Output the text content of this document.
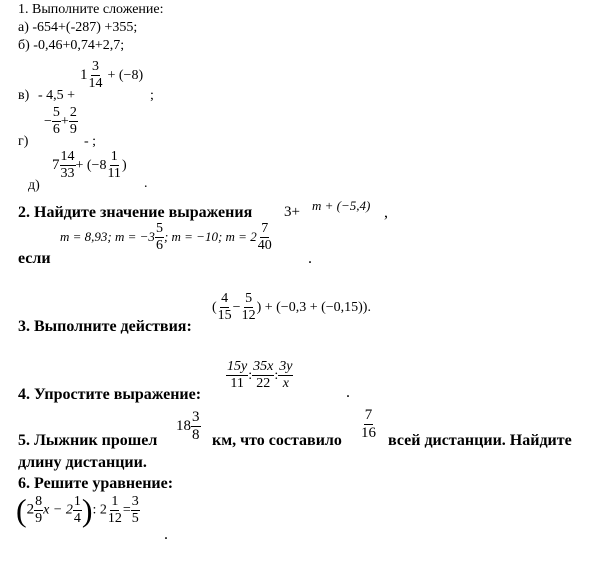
1. Выполните сложение:
а) -654+(-287) +355;
б) -0,46+0,74+2,7;
в) - 4,5 +
$1 \frac{3}{14} + (-8)$
;
г)
− $\frac{5}{6} + \frac{2}{9}$
- ;
д)
$7 \frac{14}{33} + (-8 \frac{1}{11}$ )
.
2. Найдите значение выражения 3+ m + (−5,4) ,
если
m = 8,93; $m = -3 \frac{5}{6}$ ; m = −10; $m = 2 \frac{7}{40}$
.
3. Выполните действия:
( $\frac{4}{15} - \frac{5}{12}$ ) + (−0,3 + (−0,15)).
4. Упростите выражение:
$\frac{15y}{11}$ : $\frac{35x}{22}$ : $\frac{3y}{x}$
.
5. Лыжник прошел
$18 \frac{3}{8}$ км, что составило $\frac{7}{16}$ всей дистанции. Найдите
длину дистанции.
6. Решите уравнение:
($2 \frac{8}{9}$ $x - 2 \frac{1}{4}$ ): $2 \frac{1}{12} = \frac{3}{5}$
.
